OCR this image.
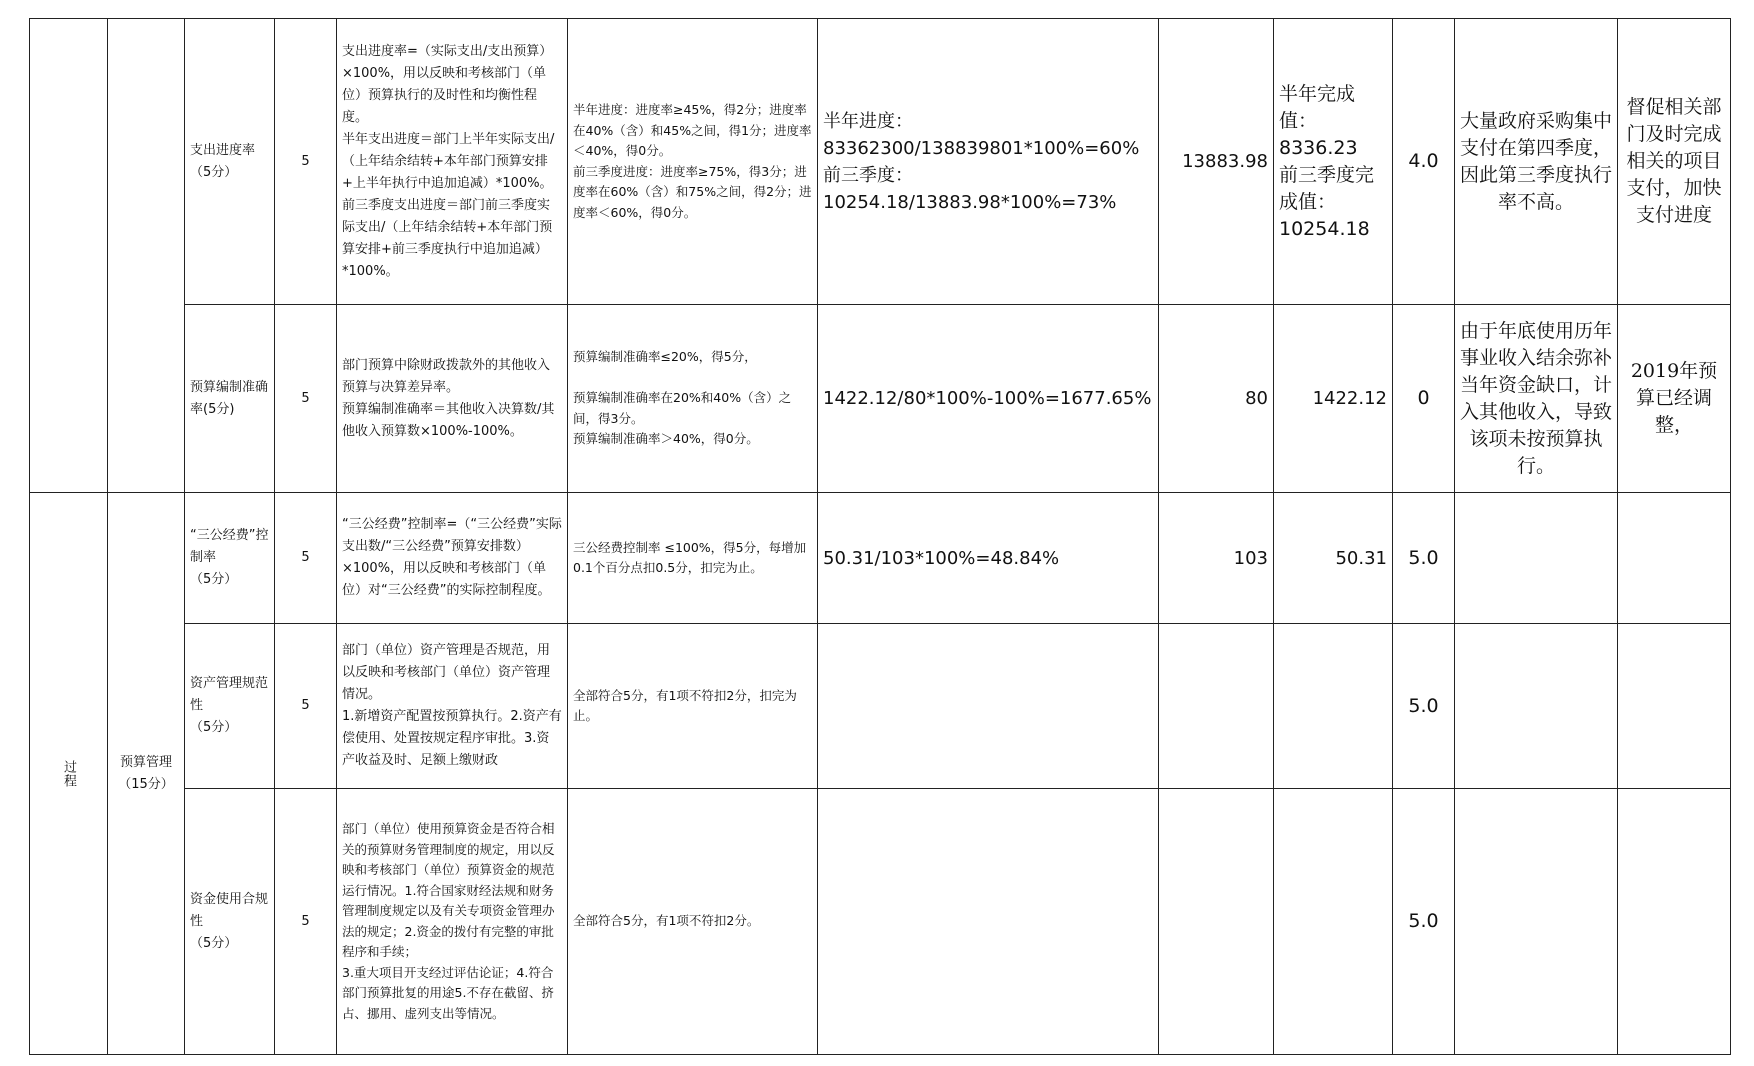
		支出进度率
（5分）	5	支出进度率=（实际支出/支出预算）×100%，用以反映和考核部门（单位）预算执行的及时性和均衡性程度。
半年支出进度＝部门上半年实际支出/（上年结余结转+本年部门预算安排+上半年执行中追加追减）*100%。
前三季度支出进度＝部门前三季度实际支出/（上年结余结转+本年部门预算安排+前三季度执行中追加追减）*100%。	半年进度：进度率≥45%，得2分；进度率在40%（含）和45%之间，得1分；进度率＜40%，得0分。
前三季度进度：进度率≥75%，得3分；进度率在60%（含）和75%之间，得2分；进度率＜60%，得0分。	半年进度：
83362300/138839801*100%=60%
前三季度：
10254.18/13883.98*100%=73%	13883.98	半年完成值：
8336.23
前三季度完成值：
10254.18	4.0	大量政府采购集中支付在第四季度，因此第三季度执行率不高。	督促相关部门及时完成相关的项目支付，加快支付进度
		预算编制准确率(5分)	5	部门预算中除财政拨款外的其他收入预算与决算差异率。
预算编制准确率＝其他收入决算数/其他收入预算数×100%-100%。	预算编制准确率≤20%，得5分，

预算编制准确率在20%和40%（含）之间，得3分。
预算编制准确率＞40%，得0分。	1422.12/80*100%-100%=1677.65%	80	1422.12	0	由于年底使用历年事业收入结余弥补当年资金缺口，计入其他收入，导致该项未按预算执行。	2019年预算已经调整，

过程	预算管理（15分）	“三公经费”控制率
（5分）	5	“三公经费”控制率=（“三公经费”实际支出数/“三公经费”预算安排数）×100%，用以反映和考核部门（单位）对“三公经费”的实际控制程度。	三公经费控制率 ≤100%，得5分，每增加0.1个百分点扣0.5分，扣完为止。	50.31/103*100%=48.84%	103	50.31	5.0		
		资产管理规范性
（5分）	5	部门（单位）资产管理是否规范，用以反映和考核部门（单位）资产管理情况。
1.新增资产配置按预算执行。2.资产有偿使用、处置按规定程序审批。3.资产收益及时、足额上缴财政	全部符合5分，有1项不符扣2分，扣完为止。				5.0		
		资金使用合规性
（5分）	5	部门（单位）使用预算资金是否符合相关的预算财务管理制度的规定，用以反映和考核部门（单位）预算资金的规范运行情况。1.符合国家财经法规和财务管理制度规定以及有关专项资金管理办法的规定；2.资金的拨付有完整的审批程序和手续；
3.重大项目开支经过评估论证；4.符合部门预算批复的用途5.不存在截留、挤占、挪用、虚列支出等情况。	全部符合5分，有1项不符扣2分。				5.0		
